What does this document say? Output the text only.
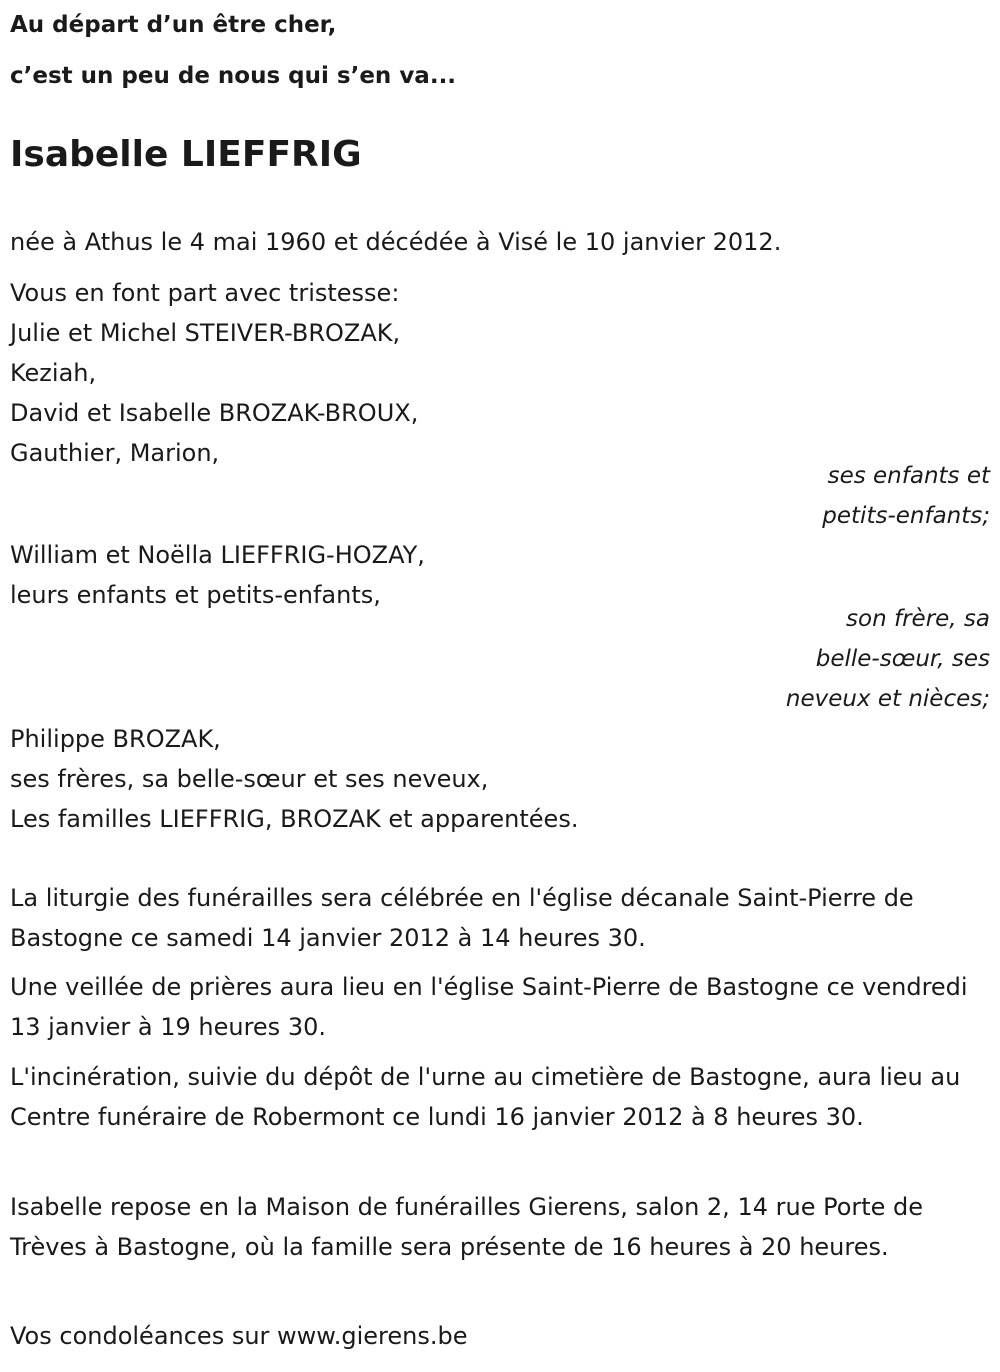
Au départ d’un être cher,

c’est un peu de nous qui s’en va...

Isabelle LIEFFRIG

née à Athus le 4 mai 1960 et décédée à Visé le 10 janvier 2012.

Vous en font part avec tristesse:

Julie et Michel STEIVER-BROZAK,

Keziah,

David et Isabelle BROZAK-BROUX,

Gauthier, Marion,

ses enfants et
petits-enfants;

William et Noëlla LIEFFRIG-HOZAY,

leurs enfants et petits-enfants,

son frère, sa
belle-sœur, ses
neveux et nièces;

Philippe BROZAK,

ses frères, sa belle-sœur et ses neveux,

Les familles LIEFFRIG, BROZAK et apparentées.

La liturgie des funérailles sera célébrée en l'église décanale Saint-Pierre de Bastogne ce samedi 14 janvier 2012 à 14 heures 30.

Une veillée de prières aura lieu en l'église Saint-Pierre de Bastogne ce vendredi 13 janvier à 19 heures 30.

L'incinération, suivie du dépôt de l'urne au cimetière de Bastogne, aura lieu au Centre funéraire de Robermont ce lundi 16 janvier 2012 à 8 heures 30.

Isabelle repose en la Maison de funérailles Gierens, salon 2, 14 rue Porte de Trèves à Bastogne, où la famille sera présente de 16 heures à 20 heures.

Vos condoléances sur www.gierens.be
